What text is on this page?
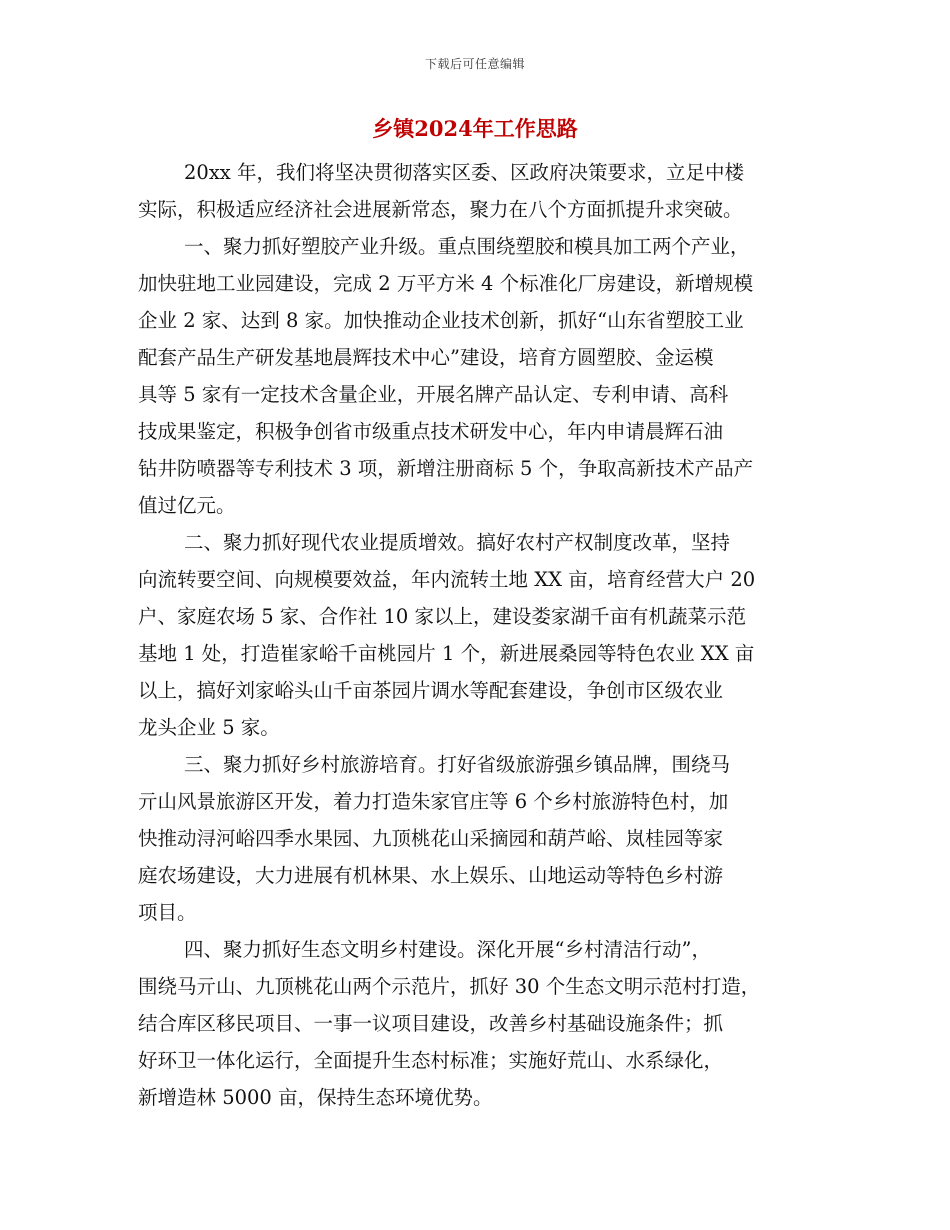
下载后可任意编辑
乡镇2024年工作思路
20xx 年，我们将坚决贯彻落实区委、区政府决策要求，立足中楼
实际，积极适应经济社会进展新常态，聚力在八个方面抓提升求突破。
一、聚力抓好塑胶产业升级。重点围绕塑胶和模具加工两个产业，
加快驻地工业园建设，完成 2 万平方米 4 个标准化厂房建设，新增规模
企业 2 家、达到 8 家。加快推动企业技术创新，抓好“山东省塑胶工业
配套产品生产研发基地晨辉技术中心”建设，培育方圆塑胶、金运模
具等 5 家有一定技术含量企业，开展名牌产品认定、专利申请、高科
技成果鉴定，积极争创省市级重点技术研发中心，年内申请晨辉石油
钻井防喷器等专利技术 3 项，新增注册商标 5 个，争取高新技术产品产
值过亿元。
二、聚力抓好现代农业提质增效。搞好农村产权制度改革，坚持
向流转要空间、向规模要效益，年内流转土地 XX 亩，培育经营大户 20
户、家庭农场 5 家、合作社 10 家以上，建设娄家湖千亩有机蔬菜示范
基地 1 处，打造崔家峪千亩桃园片 1 个，新进展桑园等特色农业 XX 亩
以上，搞好刘家峪头山千亩茶园片调水等配套建设，争创市区级农业
龙头企业 5 家。
三、聚力抓好乡村旅游培育。打好省级旅游强乡镇品牌，围绕马
亓山风景旅游区开发，着力打造朱家官庄等 6 个乡村旅游特色村，加
快推动浔河峪四季水果园、九顶桃花山采摘园和葫芦峪、岚桂园等家
庭农场建设，大力进展有机林果、水上娱乐、山地运动等特色乡村游
项目。
四、聚力抓好生态文明乡村建设。深化开展“乡村清洁行动”，
围绕马亓山、九顶桃花山两个示范片，抓好 30 个生态文明示范村打造，
结合库区移民项目、一事一议项目建设，改善乡村基础设施条件；抓
好环卫一体化运行，全面提升生态村标准；实施好荒山、水系绿化，
新增造林 5000 亩，保持生态环境优势。
